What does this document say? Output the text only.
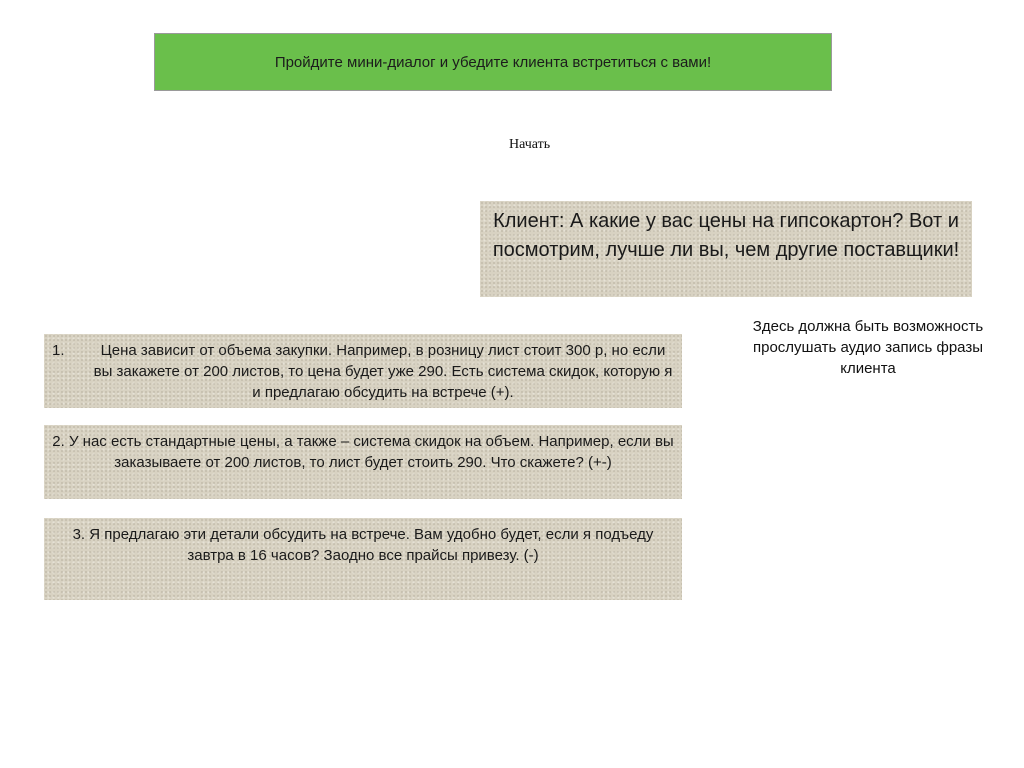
Пройдите мини-диалог и убедите клиента встретиться с вами!
Начать
Клиент: А какие у вас цены на гипсокартон? Вот и посмотрим, лучше ли вы, чем другие поставщики!
Здесь должна быть возможность прослушать аудио запись фразы клиента
1.	Цена зависит от объема закупки. Например, в розницу лист стоит 300 р, но если вы закажете от 200 листов, то цена будет уже 290. Есть система скидок, которую я и предлагаю обсудить на встрече (+).
2. У нас есть стандартные цены, а также – система скидок на объем. Например, если вы заказываете от 200 листов, то лист будет стоить 290. Что скажете? (+-)
3. Я предлагаю эти детали обсудить на встрече. Вам удобно будет, если я подъеду завтра в 16 часов? Заодно все прайсы привезу. (-)
